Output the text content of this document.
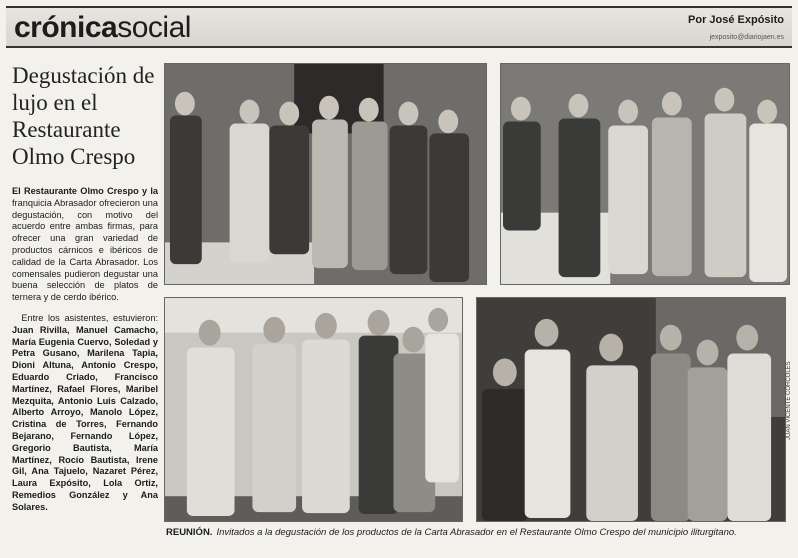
crónicasocial	Por José Expósito
jexposito@diariojaen.es
Degustación de lujo en el Restaurante Olmo Crespo

El Restaurante Olmo Crespo y la franquicia Abrasador ofrecieron una degustación, con motivo del acuerdo entre ambas firmas, para ofrecer una gran variedad de productos cárnicos e ibéricos de calidad de la Carta Abrasador. Los comensales pudieron degustar una buena selección de platos de ternera y de cerdo ibérico.

Entre los asistentes, estuvieron: Juan Rivilla, Manuel Camacho, María Eugenia Cuervo, Soledad y Petra Gusano, Marilena Tapia, Dioni Altuna, Antonio Crespo, Eduardo Criado, Francisco Martínez, Rafael Flores, Maribel Mezquita, Antonio Luis Calzado, Alberto Arroyo, Manolo López, Cristina de Torres, Fernando Bejarano, Fernando López, Gregorio Bautista, María Martínez, Rocío Bautista, Irene Gil, Ana Tajuelo, Nazaret Pérez, Laura Expósito, Lola Ortiz, Remedios González y Ana Solares.

JUAN VICENTE CÓRCOLES

REUNIÓN. Invitados a la degustación de los productos de la Carta Abrasador en el Restaurante Olmo Crespo del municipio iliturgitano.
